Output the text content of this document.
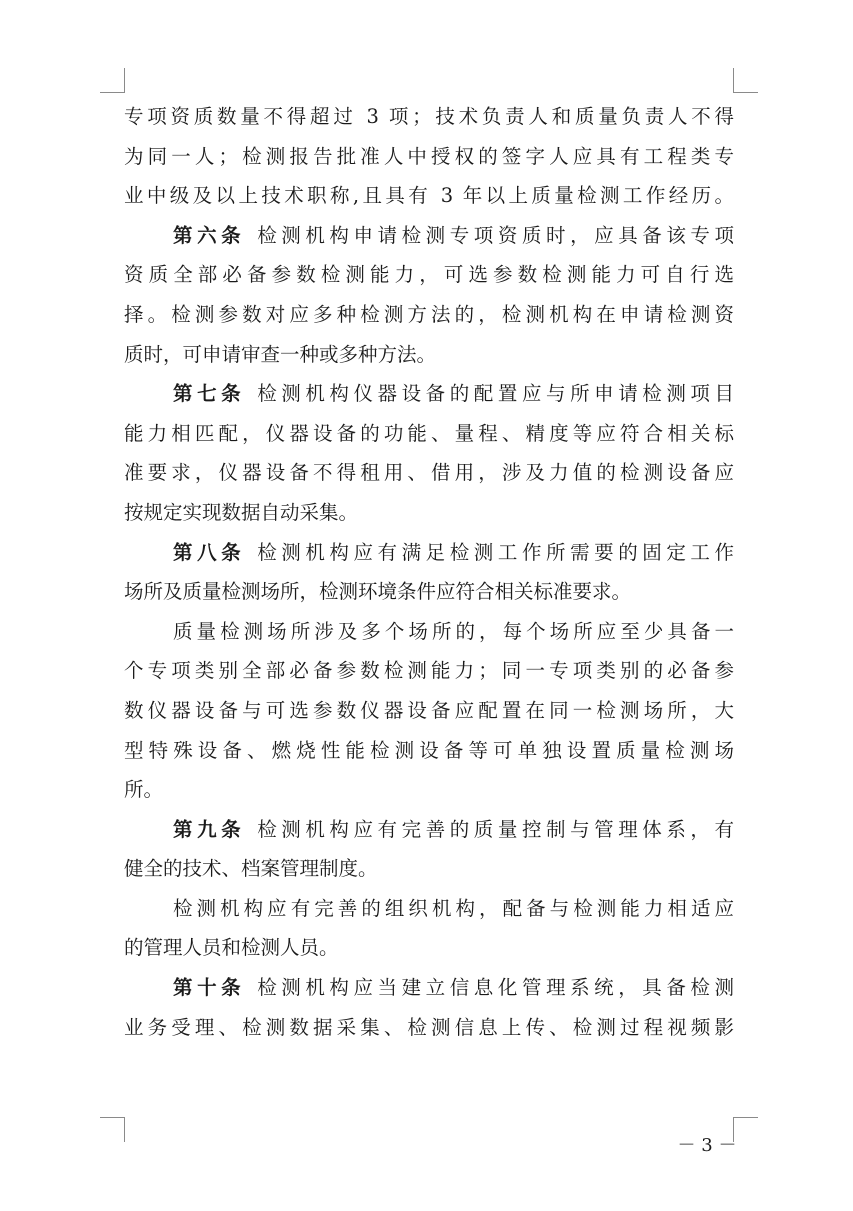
专项资质数量不得超过 3 项；技术负责人和质量负责人不得
为同一人；检测报告批准人中授权的签字人应具有工程类专
业中级及以上技术职称,且具有 3 年以上质量检测工作经历。
第六条 检测机构申请检测专项资质时，应具备该专项
资质全部必备参数检测能力，可选参数检测能力可自行选
择。检测参数对应多种检测方法的，检测机构在申请检测资
质时，可申请审查一种或多种方法。
第七条 检测机构仪器设备的配置应与所申请检测项目
能力相匹配，仪器设备的功能、量程、精度等应符合相关标
准要求，仪器设备不得租用、借用，涉及力值的检测设备应
按规定实现数据自动采集。
第八条 检测机构应有满足检测工作所需要的固定工作
场所及质量检测场所，检测环境条件应符合相关标准要求。
质量检测场所涉及多个场所的，每个场所应至少具备一
个专项类别全部必备参数检测能力；同一专项类别的必备参
数仪器设备与可选参数仪器设备应配置在同一检测场所，大
型特殊设备、燃烧性能检测设备等可单独设置质量检测场
所。
第九条 检测机构应有完善的质量控制与管理体系，有
健全的技术、档案管理制度。
检测机构应有完善的组织机构，配备与检测能力相适应
的管理人员和检测人员。
第十条 检测机构应当建立信息化管理系统，具备检测
业务受理、检测数据采集、检测信息上传、检测过程视频影
－ 3 －
